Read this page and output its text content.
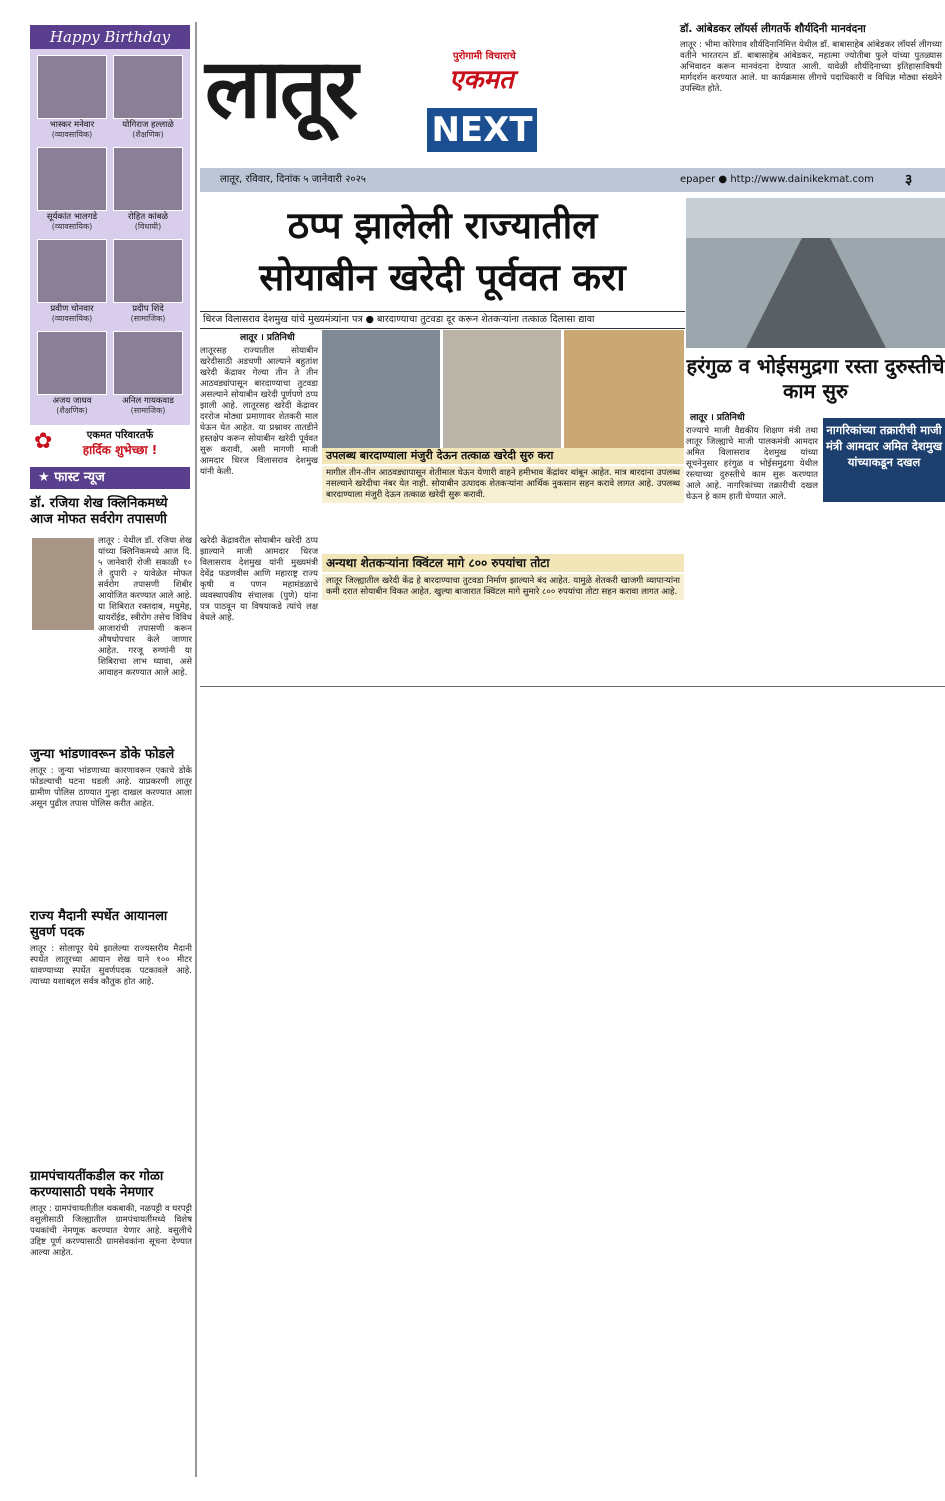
Happy Birthday
भास्कर मनेवार
(व्यावसायिक)
योगिराज हल्लाळे
(शैक्षणिक)
सूर्यकांत भालगडे
(व्यावसायिक)
रोहित कांबळे
(विधायी)
प्रवीण चोनवार
(व्यावसायिक)
प्रदीप शिंदे
(सामाजिक)
अजय जाधव
(शैक्षणिक)
अनिल गायकवाड
(सामाजिक)
✿	एकमत परिवारतर्फे
हार्दिक शुभेच्छा !
★ फास्ट न्यूज
डॉ. रजिया शेख क्लिनिकमध्ये आज मोफत सर्वरोग तपासणी
लातूर : येथील डॉ. रजिया शेख यांच्या क्लिनिकमध्ये आज दि. ५ जानेवारी रोजी सकाळी १० ते दुपारी २ यावेळेत मोफत सर्वरोग तपासणी शिबीर आयोजित करण्यात आले आहे. या शिबिरात रक्तदाब, मधुमेह, थायरॉईड, स्त्रीरोग तसेच विविध आजारांची तपासणी करून औषधोपचार केले जाणार आहेत. गरजू रुग्णांनी या शिबिराचा लाभ घ्यावा, असे आवाहन करण्यात आले आहे.
जुन्या भांडणावरून डोके फोडले
लातूर : जुन्या भांडणाच्या कारणावरून एकाचे डोके फोडल्याची घटना घडली आहे. याप्रकरणी लातूर ग्रामीण पोलिस ठाण्यात गुन्हा दाखल करण्यात आला असून पुढील तपास पोलिस करीत आहेत.
राज्य मैदानी स्पर्धेत आयानला सुवर्ण पदक
लातूर : सोलापूर येथे झालेल्या राज्यस्तरीय मैदानी स्पर्धेत लातूरच्या आयान शेख याने १०० मीटर धावण्याच्या स्पर्धेत सुवर्णपदक पटकावले आहे. त्याच्या यशाबद्दल सर्वत्र कौतुक होत आहे.
ग्रामपंचायतींकडील कर गोळा करण्यासाठी पथके नेमणार
लातूर : ग्रामपंचायतीतील थकबाकी, नळपट्टी व घरपट्टी वसुलीसाठी जिल्ह्यातील ग्रामपंचायतींमध्ये विशेष पथकांची नेमणूक करण्यात येणार आहे. वसुलीचे उद्दिष्ट पूर्ण करण्यासाठी ग्रामसेवकांना सूचना देण्यात आल्या आहेत.
लातूर	पुरोगामी विचाराचे
एकमत
NEXT
डॉ. आंबेडकर लॉयर्स लीगतर्फे शौर्यदिनी मानवंदना
लातूर : भीमा कोरेगाव शौर्यदिनानिमित्त येथील डॉ. बाबासाहेब आंबेडकर लॉयर्स लीगच्या वतीने भारतरत्न डॉ. बाबासाहेब आंबेडकर, महात्मा ज्योतीबा फुले यांच्या पुतळ्यास अभिवादन करून मानवंदना देण्यात आली. यावेळी शौर्यदिनाच्या इतिहासाविषयी मार्गदर्शन करण्यात आले. या कार्यक्रमास लीगचे पदाधिकारी व विधिज्ञ मोठ्या संख्येने उपस्थित होते.
लातूर, रविवार, दिनांक ५ जानेवारी २०२५	epaper ● http://www.dainikekmat.com ३
ठप्प झालेली राज्यातील
सोयाबीन खरेदी पूर्ववत करा
धिरज विलासराव देशमुख यांचे मुख्यमंत्र्यांना पत्र ● बारदाण्याचा तुटवडा दूर करून शेतकऱ्यांना तत्काळ दिलासा द्यावा
लातूर । प्रतिनिधी
लातूरसह राज्यातील सोयाबीन खरेदीसाठी अडचणी आल्याने बहुतांश खरेदी केंद्रावर गेल्या तीन ते तीन आठवड्यांपासून बारदाण्याचा तुटवडा असल्याने सोयाबीन खरेदी पूर्णपणे ठप्प झाली आहे. लातूरसह खरेदी केंद्रावर दररोज मोठ्या प्रमाणावर शेतकरी माल घेऊन येत आहेत. या प्रश्नावर तातडीने हस्तक्षेप करून सोयाबीन खरेदी पूर्ववत सुरू करावी, अशी मागणी माजी आमदार धिरज विलासराव देशमुख यांनी केली.
खरेदी केंद्रावरील सोयाबीन खरेदी ठप्प झाल्याने माजी आमदार धिरज विलासराव देशमुख यांनी मुख्यमंत्री देवेंद्र फडणवीस आणि महाराष्ट्र राज्य कृषी व पणन महामंडळाचे व्यवस्थापकीय संचालक (पुणे) यांना पत्र पाठवून या विषयाकडे त्यांचे लक्ष वेधले आहे.
उपलब्ध बारदाण्याला मंजुरी देऊन तत्काळ खरेदी सुरु करा
मागील तीन-तीन आठवड्यापासून शेतीमाल घेऊन येणारी वाहने हमीभाव केंद्रांवर थांबून आहेत. मात्र बारदाना उपलब्ध नसल्याने खरेदीचा नंबर येत नाही. सोयाबीन उत्पादक शेतकऱ्यांना आर्थिक नुकसान सहन करावे लागत आहे. उपलब्ध बारदाण्याला मंजुरी देऊन तत्काळ खरेदी सुरू करावी.
अन्यथा शेतकऱ्यांना क्विंटल मागे ८०० रुपयांचा तोटा
लातूर जिल्ह्यातील खरेदी केंद्र हे बारदाण्याचा तुटवडा निर्माण झाल्याने बंद आहेत. यामुळे शेतकरी खाजगी व्यापाऱ्यांना कमी दरात सोयाबीन विकत आहेत. खुल्या बाजारात क्विंटल मागे सुमारे ८०० रुपयांचा तोटा सहन करावा लागत आहे.
हरंगुळ व भोईसमुद्रगा रस्ता दुरुस्तीचे काम सुरु
लातूर । प्रतिनिधी
राज्याचे माजी वैद्यकीय शिक्षण मंत्री तथा लातूर जिल्ह्याचे माजी पालकमंत्री आमदार अमित विलासराव देशमुख यांच्या सूचनेनुसार हरंगुळ व भोईसमुद्रगा येथील रस्त्याच्या दुरुस्तीचे काम सुरू करण्यात आले आहे. नागरिकांच्या तक्रारीची दखल घेऊन हे काम हाती घेण्यात आले.
नागरिकांच्या तक्रारीची माजी मंत्री आमदार अमित देशमुख यांच्याकडून दखल
